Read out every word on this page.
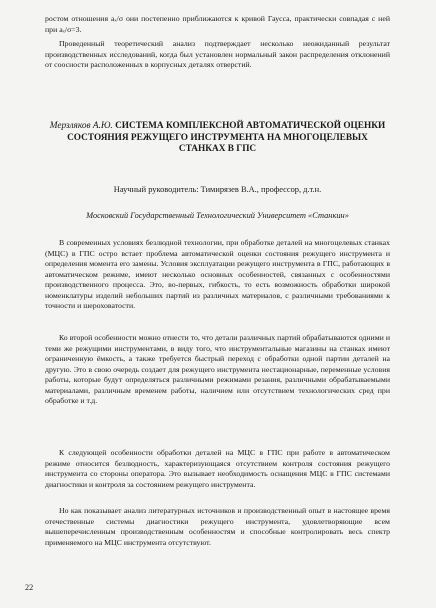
ростом отношения aₓ/σ они постепенно приближаются к кривой Гаусса, практически совпадая с ней при aₓ/σ=3.

Проведенный теоретический анализ подтверждает несколько неожиданный результат производственных исследований, когда был установлен нормальный закон распределения отклонений от соосности расположенных в корпусных деталях отверстий.

Мерзляков А.Ю. СИСТЕМА КОМПЛЕКСНОЙ АВТОМАТИЧЕСКОЙ ОЦЕНКИ СОСТОЯНИЯ РЕЖУЩЕГО ИНСТРУМЕНТА НА МНОГОЦЕЛЕВЫХ СТАНКАХ В ГПС
Научный руководитель: Тимирязев В.А., профессор, д.т.н.
Московский Государственный Технологический Университет «Станкин»

В современных условиях безлюдной технологии, при обработке деталей на многоцелевых станках (МЦС) в ГПС остро встает проблема автоматической оценки состояния режущего инструмента и определения момента его замены. Условия эксплуатации режущего инструмента в ГПС, работающих в автоматическом режиме, имеют несколько основных особенностей, связанных с особенностями производственного процесса. Это, во-первых, гибкость, то есть возможность обработки широкой номенклатуры изделий небольших партий из различных материалов, с различными требованиями к точности и шероховатости.

Ко второй особенности можно отнести то, что детали различных партий обрабатываются одними и теми же режущими инструментами, в виду того, что инструментальные магазины на станках имеют ограниченную ёмкость, а также требуется быстрый переход с обработки одной партии деталей на другую. Это в свою очередь создает для режущего инструмента нестационарные, переменные условия работы, которые будут определяться различными режимами резания, различными обрабатываемыми материалами, различным временем работы, наличием или отсутствием технологических сред при обработке и т.д.

К следующей особенности обработки деталей на МЦС в ГПС при работе в автоматическом режиме относится безлюдность, характеризующаяся отсутствием контроля состояния режущего инструмента со стороны оператора. Это вызывает необходимость оснащения МЦС в ГПС системами диагностики и контроля за состоянием режущего инструмента.

Но как показывает анализ литературных источников и производственный опыт в настоящее время отечественные системы диагностики режущего инструмента, удовлетворяющие всем вышеперечисленным производственным особенностям и способные контролировать весь спектр применяемого на МЦС инструмента отсутствуют.

22
